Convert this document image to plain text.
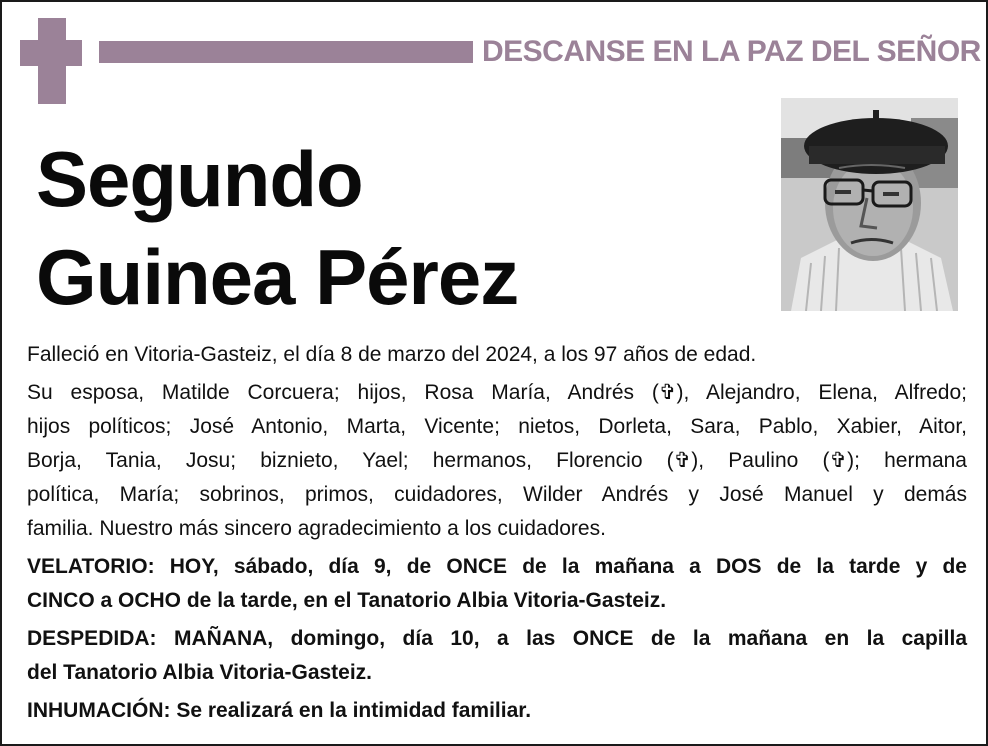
DESCANSE EN LA PAZ DEL SEÑOR
Segundo
Guinea Pérez

Falleció en Vitoria-Gasteiz, el día 8 de marzo del 2024, a los 97 años de edad.

Su esposa, Matilde Corcuera; hijos, Rosa María, Andrés (✞), Alejandro, Elena, Alfredo;
hijos políticos; José Antonio, Marta, Vicente; nietos, Dorleta, Sara, Pablo, Xabier, Aitor,
Borja, Tania, Josu; biznieto, Yael; hermanos, Florencio (✞), Paulino (✞); hermana
política, María; sobrinos, primos, cuidadores, Wilder Andrés y José Manuel y demás
familia. Nuestro más sincero agradecimiento a los cuidadores.

VELATORIO: HOY, sábado, día 9, de ONCE de la mañana a DOS de la tarde y de
CINCO a OCHO de la tarde, en el Tanatorio Albia Vitoria-Gasteiz.

DESPEDIDA: MAÑANA, domingo, día 10, a las ONCE de la mañana en la capilla
del Tanatorio Albia Vitoria-Gasteiz.

INHUMACIÓN: Se realizará en la intimidad familiar.
